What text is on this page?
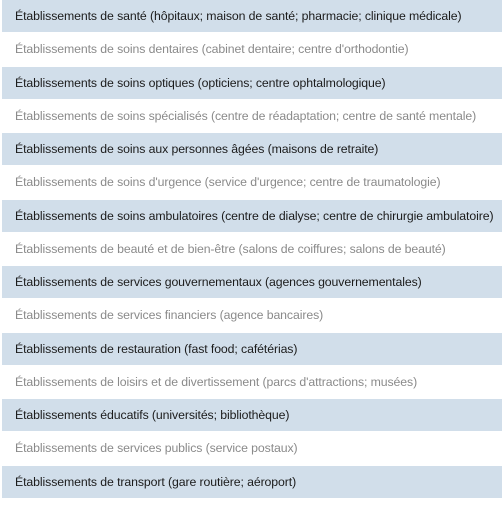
Établissements de santé (hôpitaux; maison de santé; pharmacie; clinique médicale)
Établissements de soins dentaires (cabinet dentaire; centre d'orthodontie)
Établissements de soins optiques (opticiens; centre ophtalmologique)
Établissements de soins spécialisés (centre de réadaptation; centre de santé mentale)
Établissements de soins aux personnes âgées (maisons de retraite)
Établissements de soins d'urgence (service d'urgence; centre de traumatologie)
Établissements de soins ambulatoires (centre de dialyse; centre de chirurgie ambulatoire)
Établissements de beauté et de bien-être (salons de coiffures; salons de beauté)
Établissements de services gouvernementaux (agences gouvernementales)
Établissements de services financiers (agence bancaires)
Établissements de restauration (fast food; cafétérias)
Établissements de loisirs et de divertissement (parcs d'attractions; musées)
Établissements éducatifs (universités; bibliothèque)
Établissements de services publics (service postaux)
Établissements de transport (gare routière; aéroport)
